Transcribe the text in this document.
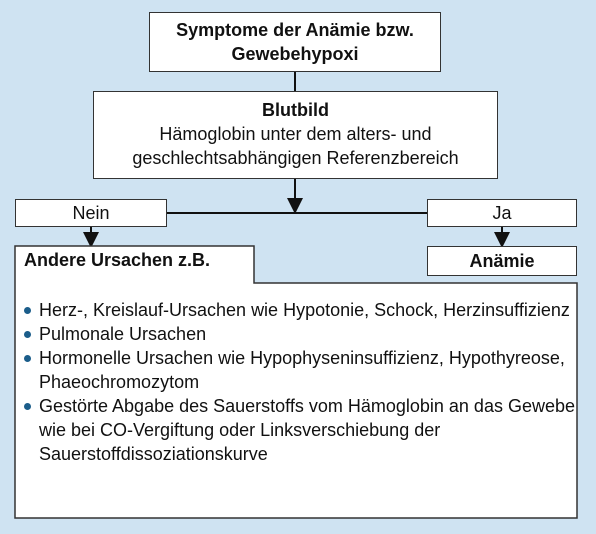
Symptome der Anämie bzw. Gewebehypoxi
Blutbild
Hämoglobin unter dem alters- und geschlechtsabhängigen Referenzbereich
Nein	Ja
Anämie
Andere Ursachen z.B.
Herz-, Kreislauf-Ursachen wie Hypotonie, Schock, Herzinsuffizienz
Pulmonale Ursachen
Hormonelle Ursachen wie Hypophyseninsuffizienz, Hypothyreose, Phaeochromozytom
Gestörte Abgabe des Sauerstoffs vom Hämoglobin an das Gewebe wie bei CO-Vergiftung oder Linksverschiebung der Sauerstoffdissoziationskurve
